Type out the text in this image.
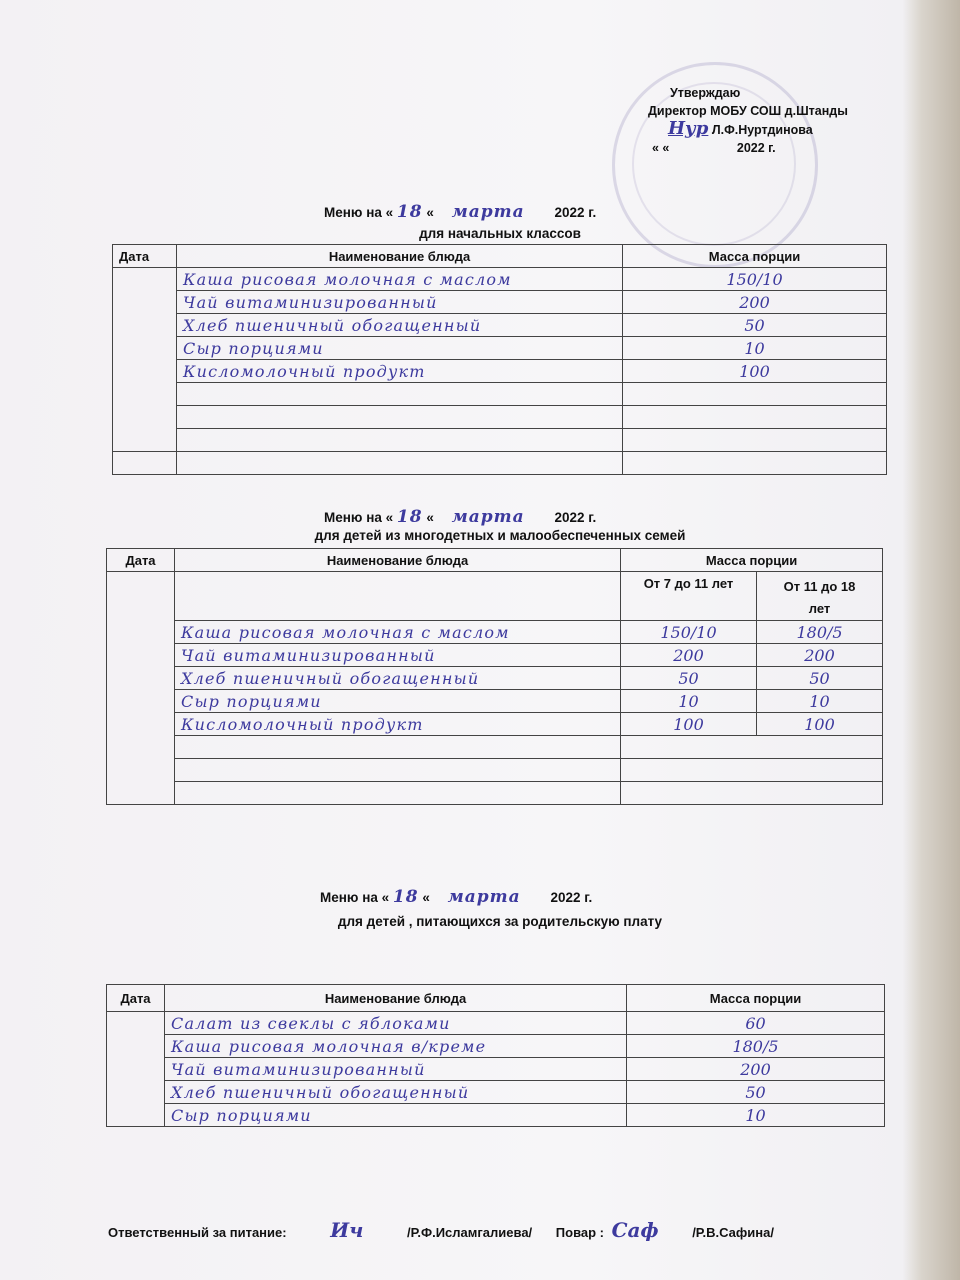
Утверждаю
Директор МОБУ СОШ д.Штанды
Нур Л.Ф.Нуртдинова
« «	2022 г.
Меню на « 18 « марта 2022 г.
для начальных классов
Дата	Наименование блюда	Масса порции
	Каша рисовая молочная с маслом	150/10
	Чай витаминизированный	200
	Хлеб пшеничный обогащенный	50
	Сыр порциями	10
	Кисломолочный продукт	100

Меню на « 18 « марта 2022 г.
для детей из многодетных и малообеспеченных семей
Дата	Наименование блюда	Масса порции	
		От 7 до 11 лет	От 11 до 18
лет
	Каша рисовая молочная с маслом	150/10	180/5
	Чай витаминизированный	200	200
	Хлеб пшеничный обогащенный	50	50
	Сыр порциями	10	10
	Кисломолочный продукт	100	100

Меню на « 18 « марта 2022 г.
для детей , питающихся за родительскую плату
Дата	Наименование блюда	Масса порции
	Салат из свеклы с яблоками	60
	Каша рисовая молочная в/креме	180/5
	Чай витаминизированный	200
	Хлеб пшеничный обогащенный	50
	Сыр порциями	10
Ответственный за питание: Ич	/Р.Ф.Исламгалиева/ Повар : Саф	/Р.В.Сафина/
